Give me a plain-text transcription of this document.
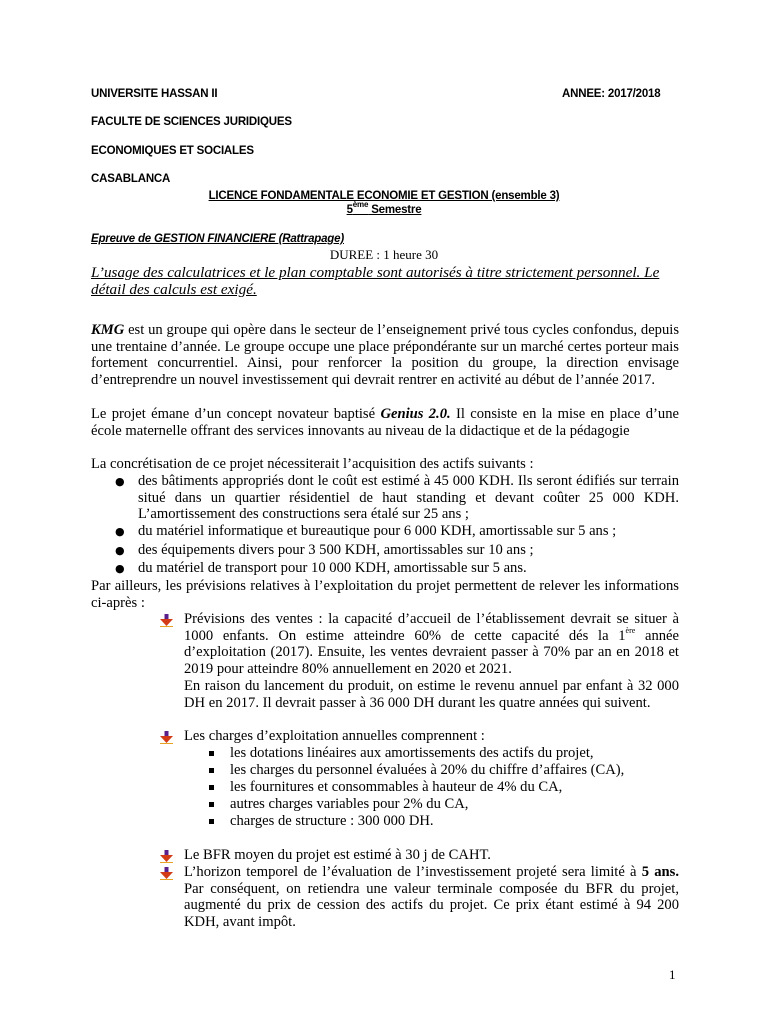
UNIVERSITE HASSAN II	ANNEE: 2017/2018
FACULTE DE SCIENCES JURIDIQUES
ECONOMIQUES ET SOCIALES
CASABLANCA
LICENCE FONDAMENTALE ECONOMIE ET GESTION (ensemble 3)
5ème Semestre
Epreuve de GESTION FINANCIERE (Rattrapage)
DUREE : 1 heure 30
L’usage des calculatrices et le plan comptable sont autorisés à titre strictement personnel. Le détail des calculs est exigé.
KMG est un groupe qui opère dans le secteur de l’enseignement privé tous cycles confondus, depuis une trentaine d’année. Le groupe occupe une place prépondérante sur un marché certes porteur mais fortement concurrentiel. Ainsi, pour renforcer la position du groupe, la direction envisage d’entreprendre un nouvel investissement qui devrait rentrer en activité au début de l’année 2017.
Le projet émane d’un concept novateur baptisé Genius 2.0. Il consiste en la mise en place d’une école maternelle offrant des services innovants au niveau de la didactique et de la pédagogie
La concrétisation de ce projet nécessiterait l’acquisition des actifs suivants :
● des bâtiments appropriés dont le coût est estimé à 45 000 KDH. Ils seront édifiés sur terrain situé dans un quartier résidentiel de haut standing et devant coûter 25 000 KDH. L’amortissement des constructions sera étalé sur 25 ans ;
● du matériel informatique et bureautique pour 6 000 KDH, amortissable sur 5 ans ;
● des équipements divers pour 3 500 KDH, amortissables sur 10 ans ;
● du matériel de transport pour 10 000 KDH, amortissable sur 5 ans.
Par ailleurs, les prévisions relatives à l’exploitation du projet permettent de relever les informations ci-après :
Prévisions des ventes : la capacité d’accueil de l’établissement devrait se situer à 1000 enfants. On estime atteindre 60% de cette capacité dés la 1ère année d’exploitation (2017). Ensuite, les ventes devraient passer à 70% par an en 2018 et 2019 pour atteindre 80% annuellement en 2020 et 2021.
En raison du lancement du produit, on estime le revenu annuel par enfant à 32 000 DH en 2017. Il devrait passer à 36 000 DH durant les quatre années qui suivent.
Les charges d’exploitation annuelles comprennent :
les dotations linéaires aux amortissements des actifs du projet,
les charges du personnel évaluées à 20% du chiffre d’affaires (CA),
les fournitures et consommables à hauteur de 4% du CA,
autres charges variables pour 2% du CA,
charges de structure : 300 000 DH.
Le BFR moyen du projet est estimé à 30 j de CAHT.
L’horizon temporel de l’évaluation de l’investissement projeté sera limité à 5 ans. Par conséquent, on retiendra une valeur terminale composée du BFR du projet, augmenté du prix de cession des actifs du projet. Ce prix étant estimé à 94 200 KDH, avant impôt.
1
